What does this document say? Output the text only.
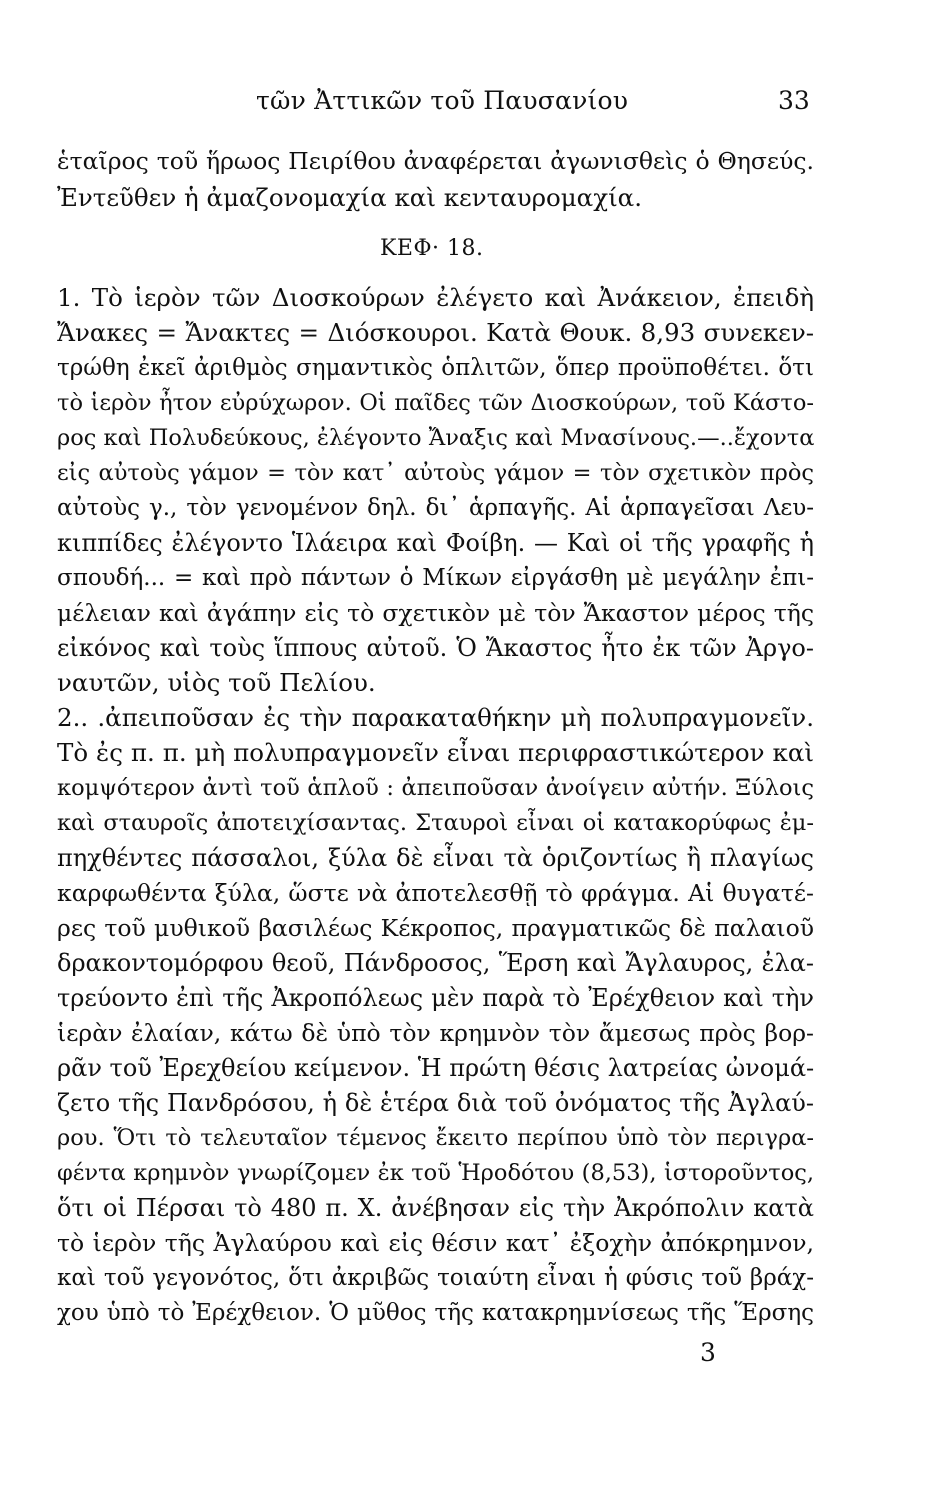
τῶν Ἀττικῶν τοῦ Παυσανίου	33
ἑταῖρος τοῦ ἥρωος Πειρίθου ἀναφέρεται ἀγωνισθεὶς ὁ Θησεύς.
Ἐντεῦθεν ἡ ἀμαζονομαχία καὶ κενταυρομαχία.
ΚΕΦ· 18.
1. Τὸ ἱερὸν τῶν Διοσκούρων ἐλέγετο καὶ Ἀνάκειον, ἐπειδὴ
Ἄνακες = Ἄνακτες = Διόσκουροι. Κατὰ Θουκ. 8,93 συνεκεν-
τρώθη ἐκεῖ ἀριθμὸς σημαντικὸς ὁπλιτῶν, ὅπερ προϋποθέτει. ὅτι
τὸ ἱερὸν ἦτον εὐρύχωρον. Οἱ παῖδες τῶν Διοσκούρων, τοῦ Κάστο-
ρος καὶ Πολυδεύκους, ἐλέγοντο Ἄναξις καὶ Μνασίνους.—..ἔχοντα
εἰς αὐτοὺς γάμον = τὸν κατ᾽ αὐτοὺς γάμον = τὸν σχετικὸν πρὸς
αὐτοὺς γ., τὸν γενομένον δηλ. δι᾽ ἁρπαγῆς. Αἱ ἁρπαγεῖσαι Λευ-
κιππίδες ἐλέγοντο Ἱλάειρα καὶ Φοίβη. — Καὶ οἱ τῆς γραφῆς ἡ
σπουδή... = καὶ πρὸ πάντων ὁ Μίκων εἰργάσθη μὲ μεγάλην ἐπι-
μέλειαν καὶ ἀγάπην εἰς τὸ σχετικὸν μὲ τὸν Ἄκαστον μέρος τῆς
εἰκόνος καὶ τοὺς ἵππους αὐτοῦ. Ὁ Ἄκαστος ἦτο ἐκ τῶν Ἀργο-
ναυτῶν, υἱὸς τοῦ Πελίου.
2.. .ἀπειποῦσαν ἐς τὴν παρακαταθήκην μὴ πολυπραγμονεῖν.
Τὸ ἐς π. π. μὴ πολυπραγμονεῖν εἶναι περιφραστικώτερον καὶ
κομψότερον ἀντὶ τοῦ ἁπλοῦ : ἀπειποῦσαν ἀνοίγειν αὐτήν. Ξύλοις
καὶ σταυροῖς ἀποτειχίσαντας. Σταυροὶ εἶναι οἱ κατακορύφως ἐμ-
πηχθέντες πάσσαλοι, ξύλα δὲ εἶναι τὰ ὁριζοντίως ἢ πλαγίως
καρφωθέντα ξύλα, ὥστε νὰ ἀποτελεσθῇ τὸ φράγμα. Αἱ θυγατέ-
ρες τοῦ μυθικοῦ βασιλέως Κέκροπος, πραγματικῶς δὲ παλαιοῦ
δρακοντομόρφου θεοῦ, Πάνδροσος, Ἕρση καὶ Ἄγλαυρος, ἐλα-
τρεύοντο ἐπὶ τῆς Ἀκροπόλεως μὲν παρὰ τὸ Ἐρέχθειον καὶ τὴν
ἱερὰν ἐλαίαν, κάτω δὲ ὑπὸ τὸν κρημνὸν τὸν ἄμεσως πρὸς βορ-
ρᾶν τοῦ Ἐρεχθείου κείμενον. Ἡ πρώτη θέσις λατρείας ὠνομά-
ζετο τῆς Πανδρόσου, ἡ δὲ ἑτέρα διὰ τοῦ ὀνόματος τῆς Ἀγλαύ-
ρου. Ὅτι τὸ τελευταῖον τέμενος ἔκειτο περίπου ὑπὸ τὸν περιγρα-
φέντα κρημνὸν γνωρίζομεν ἐκ τοῦ Ἡροδότου (8,53), ἱστοροῦντος,
ὅτι οἱ Πέρσαι τὸ 480 π. Χ. ἀνέβησαν εἰς τὴν Ἀκρόπολιν κατὰ
τὸ ἱερὸν τῆς Ἀγλαύρου καὶ εἰς θέσιν κατ᾽ ἐξοχὴν ἀπόκρημνον,
καὶ τοῦ γεγονότος, ὅτι ἀκριβῶς τοιαύτη εἶναι ἡ φύσις τοῦ βράχ-
χου ὑπὸ τὸ Ἐρέχθειον. Ὁ μῦθος τῆς κατακρημνίσεως τῆς Ἕρσης
3
